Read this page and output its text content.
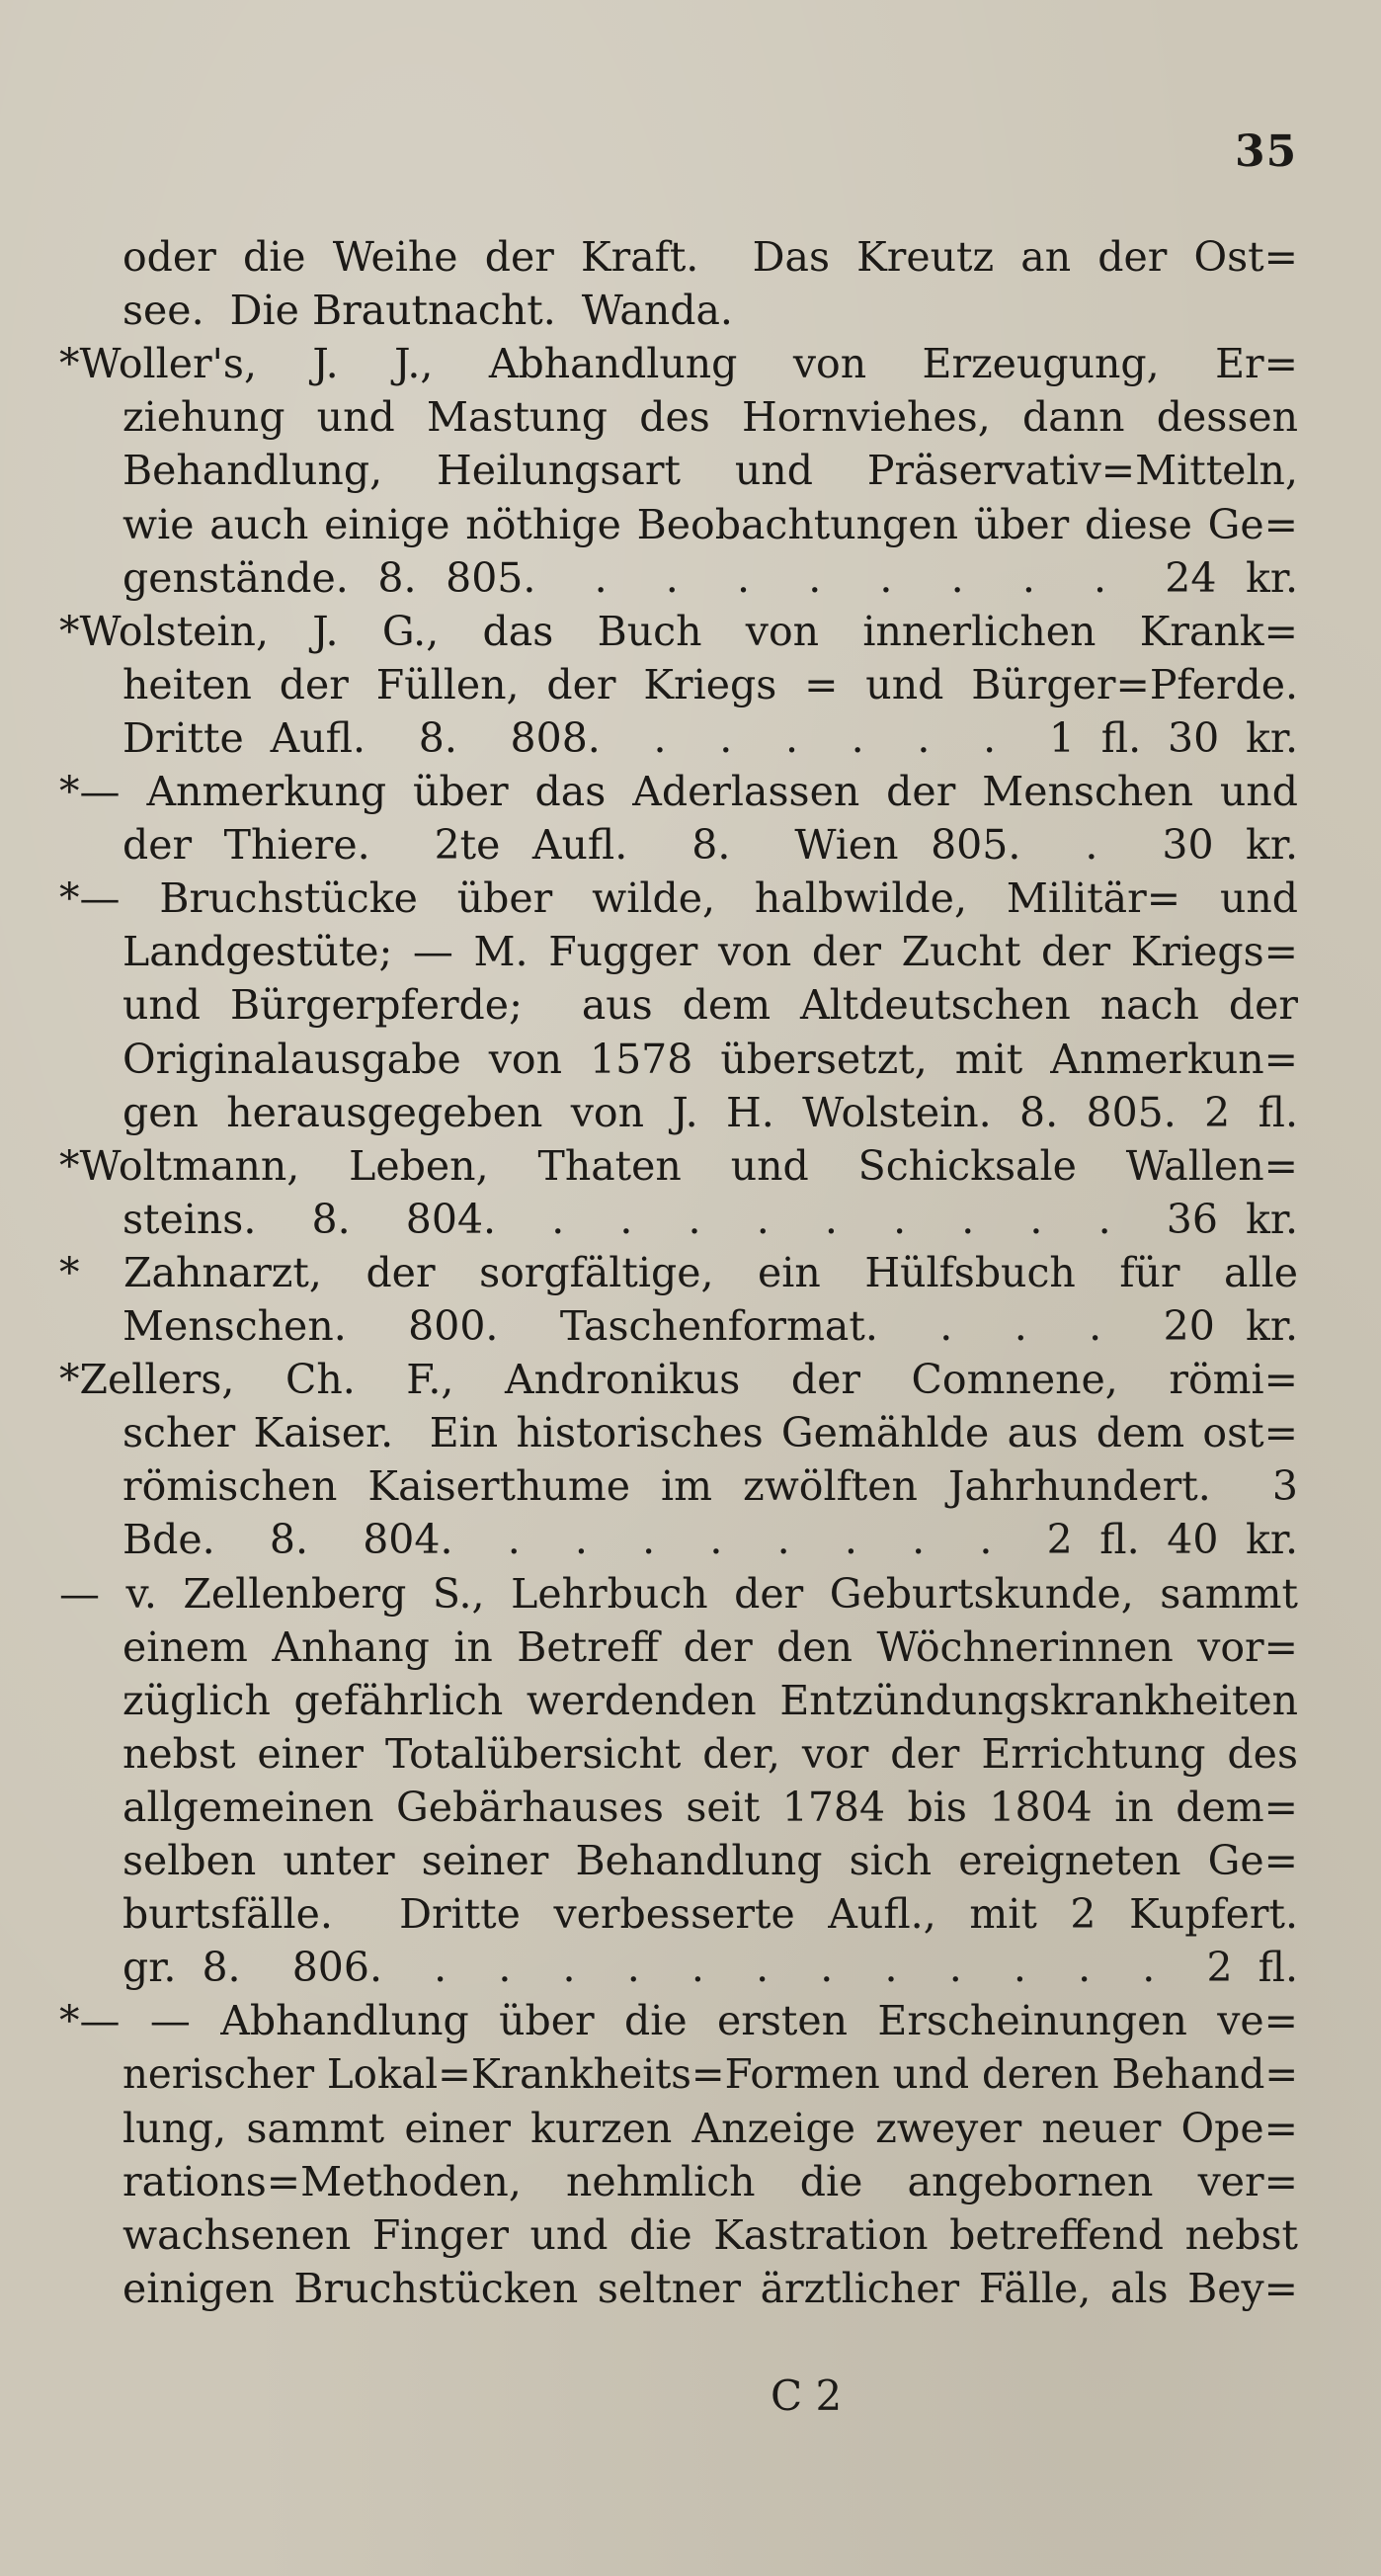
35
oder die Weihe der Kraft.  Das Kreutz an der Ost=
see.  Die Brautnacht.  Wanda.
*Woller's, J. J., Abhandlung von Erzeugung, Er=
ziehung und Mastung des Hornviehes, dann dessen
Behandlung, Heilungsart und Präservativ=Mitteln,
wie auch einige nöthige Beobachtungen über diese Ge=
genstände. 8. 805.  .  .  .  .  .  .  .  .  24 kr.
*Wolstein, J. G., das Buch von innerlichen Krank=
heiten der Füllen, der Kriegs = und Bürger=Pferde.
Dritte Aufl.  8.  808.  .  .  .  .  .  .  1 fl. 30 kr.
*— Anmerkung über das Aderlassen der Menschen und
der Thiere.  2te Aufl.  8.  Wien 805.  .  30 kr.
*— Bruchstücke über wilde, halbwilde, Militär= und
Landgestüte; — M. Fugger von der Zucht der Kriegs=
und Bürgerpferde;  aus dem Altdeutschen nach der
Originalausgabe von 1578 übersetzt, mit Anmerkun=
gen herausgegeben von J. H. Wolstein. 8. 805. 2 fl.
*Woltmann, Leben, Thaten und Schicksale Wallen=
steins.  8.  804.  .  .  .  .  .  .  .  .  .  36 kr.
* Zahnarzt, der sorgfältige, ein Hülfsbuch für alle
Menschen.  800.  Taschenformat.  .  .  .  20 kr.
*Zellers, Ch. F., Andronikus der Comnene, römi=
scher Kaiser.  Ein historisches Gemählde aus dem ost=
römischen Kaiserthume im zwölften Jahrhundert.  3
Bde.  8.  804.  .  .  .  .  .  .  .  .  2 fl. 40 kr.
— v. Zellenberg S., Lehrbuch der Geburtskunde, sammt
einem Anhang in Betreff der den Wöchnerinnen vor=
züglich gefährlich werdenden Entzündungskrankheiten
nebst einer Totalübersicht der, vor der Errichtung des
allgemeinen Gebärhauses seit 1784 bis 1804 in dem=
selben unter seiner Behandlung sich ereigneten Ge=
burtsfälle.  Dritte verbesserte Aufl., mit 2 Kupfert.
gr. 8.  806.  .  .  .  .  .  .  .  .  .  .  .  .  2 fl.
*— — Abhandlung über die ersten Erscheinungen ve=
nerischer Lokal=Krankheits=Formen und deren Behand=
lung, sammt einer kurzen Anzeige zweyer neuer Ope=
rations=Methoden, nehmlich die angebornen ver=
wachsenen Finger und die Kastration betreffend nebst
einigen Bruchstücken seltner ärztlicher Fälle, als Bey=
C 2
